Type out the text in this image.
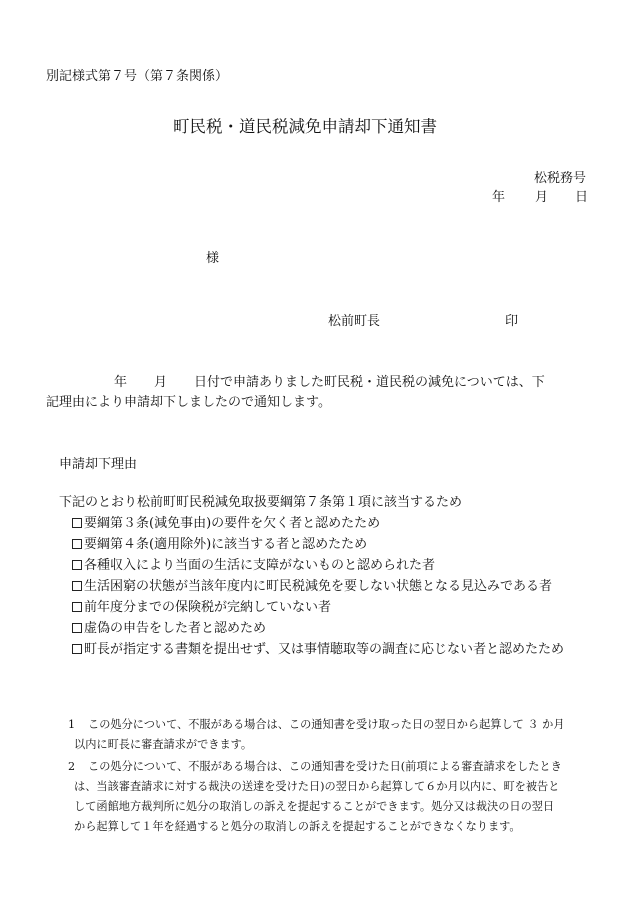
別記様式第７号（第７条関係）
町民税・道民税減免申請却下通知書
松税務号
年 月 日
様
松前町長	印
年 月 日付で申請ありました町民税・道民税の減免については、下
記理由により申請却下しましたので通知します。
申請却下理由
下記のとおり松前町町民税減免取扱要綱第７条第１項に該当するため
要綱第３条(減免事由)の要件を欠く者と認めたため
要綱第４条(適用除外)に該当する者と認めたため
各種収入により当面の生活に支障がないものと認められた者
生活困窮の状態が当該年度内に町民税減免を要しない状態となる見込みである者
前年度分までの保険税が完納していない者
虚偽の申告をした者と認めため
町長が指定する書類を提出せず、又は事情聴取等の調査に応じない者と認めたため
1 この処分について、不服がある場合は、この通知書を受け取った日の翌日から起算して ３ か月
以内に町長に審査請求ができます。
2 この処分について、不服がある場合は、この通知書を受けた日(前項による審査請求をしたとき
は、当該審査請求に対する裁決の送達を受けた日)の翌日から起算して６か月以内に、町を被告と
して函館地方裁判所に処分の取消しの訴えを提起することができます。処分又は裁決の日の翌日
から起算して１年を経過すると処分の取消しの訴えを提起することができなくなります。
